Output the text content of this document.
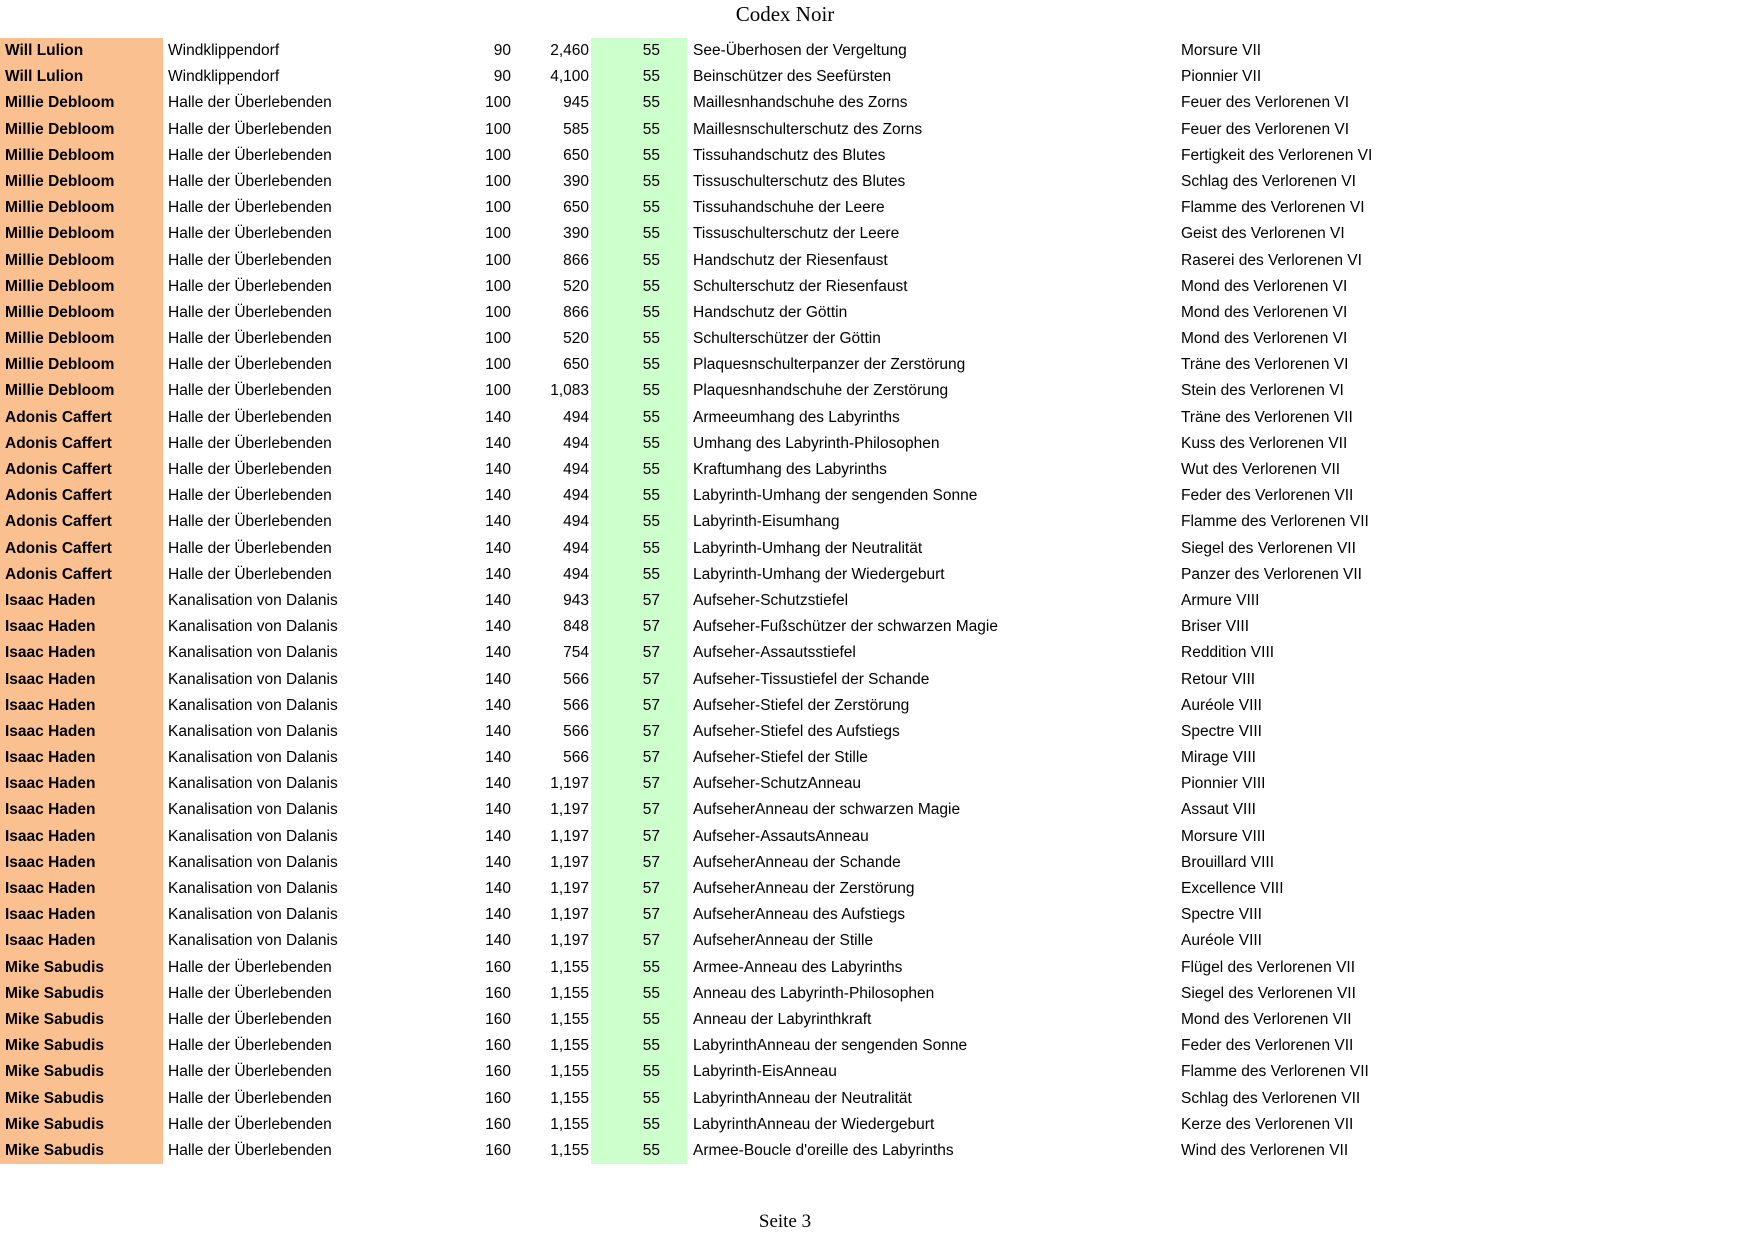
Codex Noir
Will Lulion	Windklippendorf	90	2,460	55	See-Überhosen der Vergeltung	Morsure VII
Will Lulion	Windklippendorf	90	4,100	55	Beinschützer des Seefürsten	Pionnier VII
Millie Debloom	Halle der Überlebenden	100	945	55	Maillesnhandschuhe des Zorns	Feuer des Verlorenen VI
Millie Debloom	Halle der Überlebenden	100	585	55	Maillesnschulterschutz des Zorns	Feuer des Verlorenen VI
Millie Debloom	Halle der Überlebenden	100	650	55	Tissuhandschutz des Blutes	Fertigkeit des Verlorenen VI
Millie Debloom	Halle der Überlebenden	100	390	55	Tissuschulterschutz des Blutes	Schlag des Verlorenen VI
Millie Debloom	Halle der Überlebenden	100	650	55	Tissuhandschuhe der Leere	Flamme des Verlorenen VI
Millie Debloom	Halle der Überlebenden	100	390	55	Tissuschulterschutz der Leere	Geist des Verlorenen VI
Millie Debloom	Halle der Überlebenden	100	866	55	Handschutz der Riesenfaust	Raserei des Verlorenen VI
Millie Debloom	Halle der Überlebenden	100	520	55	Schulterschutz der Riesenfaust	Mond des Verlorenen VI
Millie Debloom	Halle der Überlebenden	100	866	55	Handschutz der Göttin	Mond des Verlorenen VI
Millie Debloom	Halle der Überlebenden	100	520	55	Schulterschützer der Göttin	Mond des Verlorenen VI
Millie Debloom	Halle der Überlebenden	100	650	55	Plaquesnschulterpanzer der Zerstörung	Träne des Verlorenen VI
Millie Debloom	Halle der Überlebenden	100	1,083	55	Plaquesnhandschuhe der Zerstörung	Stein des Verlorenen VI
Adonis Caffert	Halle der Überlebenden	140	494	55	Armeeumhang des Labyrinths	Träne des Verlorenen VII
Adonis Caffert	Halle der Überlebenden	140	494	55	Umhang des Labyrinth-Philosophen	Kuss des Verlorenen VII
Adonis Caffert	Halle der Überlebenden	140	494	55	Kraftumhang des Labyrinths	Wut des Verlorenen VII
Adonis Caffert	Halle der Überlebenden	140	494	55	Labyrinth-Umhang der sengenden Sonne	Feder des Verlorenen VII
Adonis Caffert	Halle der Überlebenden	140	494	55	Labyrinth-Eisumhang	Flamme des Verlorenen VII
Adonis Caffert	Halle der Überlebenden	140	494	55	Labyrinth-Umhang der Neutralität	Siegel des Verlorenen VII
Adonis Caffert	Halle der Überlebenden	140	494	55	Labyrinth-Umhang der Wiedergeburt	Panzer des Verlorenen VII
Isaac Haden	Kanalisation von Dalanis	140	943	57	Aufseher-Schutzstiefel	Armure VIII
Isaac Haden	Kanalisation von Dalanis	140	848	57	Aufseher-Fußschützer der schwarzen Magie	Briser VIII
Isaac Haden	Kanalisation von Dalanis	140	754	57	Aufseher-Assautsstiefel	Reddition VIII
Isaac Haden	Kanalisation von Dalanis	140	566	57	Aufseher-Tissustiefel der Schande	Retour VIII
Isaac Haden	Kanalisation von Dalanis	140	566	57	Aufseher-Stiefel der Zerstörung	Auréole VIII
Isaac Haden	Kanalisation von Dalanis	140	566	57	Aufseher-Stiefel des Aufstiegs	Spectre VIII
Isaac Haden	Kanalisation von Dalanis	140	566	57	Aufseher-Stiefel der Stille	Mirage VIII
Isaac Haden	Kanalisation von Dalanis	140	1,197	57	Aufseher-SchutzAnneau	Pionnier VIII
Isaac Haden	Kanalisation von Dalanis	140	1,197	57	AufseherAnneau der schwarzen Magie	Assaut VIII
Isaac Haden	Kanalisation von Dalanis	140	1,197	57	Aufseher-AssautsAnneau	Morsure VIII
Isaac Haden	Kanalisation von Dalanis	140	1,197	57	AufseherAnneau der Schande	Brouillard VIII
Isaac Haden	Kanalisation von Dalanis	140	1,197	57	AufseherAnneau der Zerstörung	Excellence VIII
Isaac Haden	Kanalisation von Dalanis	140	1,197	57	AufseherAnneau des Aufstiegs	Spectre VIII
Isaac Haden	Kanalisation von Dalanis	140	1,197	57	AufseherAnneau der Stille	Auréole VIII
Mike Sabudis	Halle der Überlebenden	160	1,155	55	Armee-Anneau des Labyrinths	Flügel des Verlorenen VII
Mike Sabudis	Halle der Überlebenden	160	1,155	55	Anneau des Labyrinth-Philosophen	Siegel des Verlorenen VII
Mike Sabudis	Halle der Überlebenden	160	1,155	55	Anneau der Labyrinthkraft	Mond des Verlorenen VII
Mike Sabudis	Halle der Überlebenden	160	1,155	55	LabyrinthAnneau der sengenden Sonne	Feder des Verlorenen VII
Mike Sabudis	Halle der Überlebenden	160	1,155	55	Labyrinth-EisAnneau	Flamme des Verlorenen VII
Mike Sabudis	Halle der Überlebenden	160	1,155	55	LabyrinthAnneau der Neutralität	Schlag des Verlorenen VII
Mike Sabudis	Halle der Überlebenden	160	1,155	55	LabyrinthAnneau der Wiedergeburt	Kerze des Verlorenen VII
Mike Sabudis	Halle der Überlebenden	160	1,155	55	Armee-Boucle d'oreille des Labyrinths	Wind des Verlorenen VII
Seite 3
